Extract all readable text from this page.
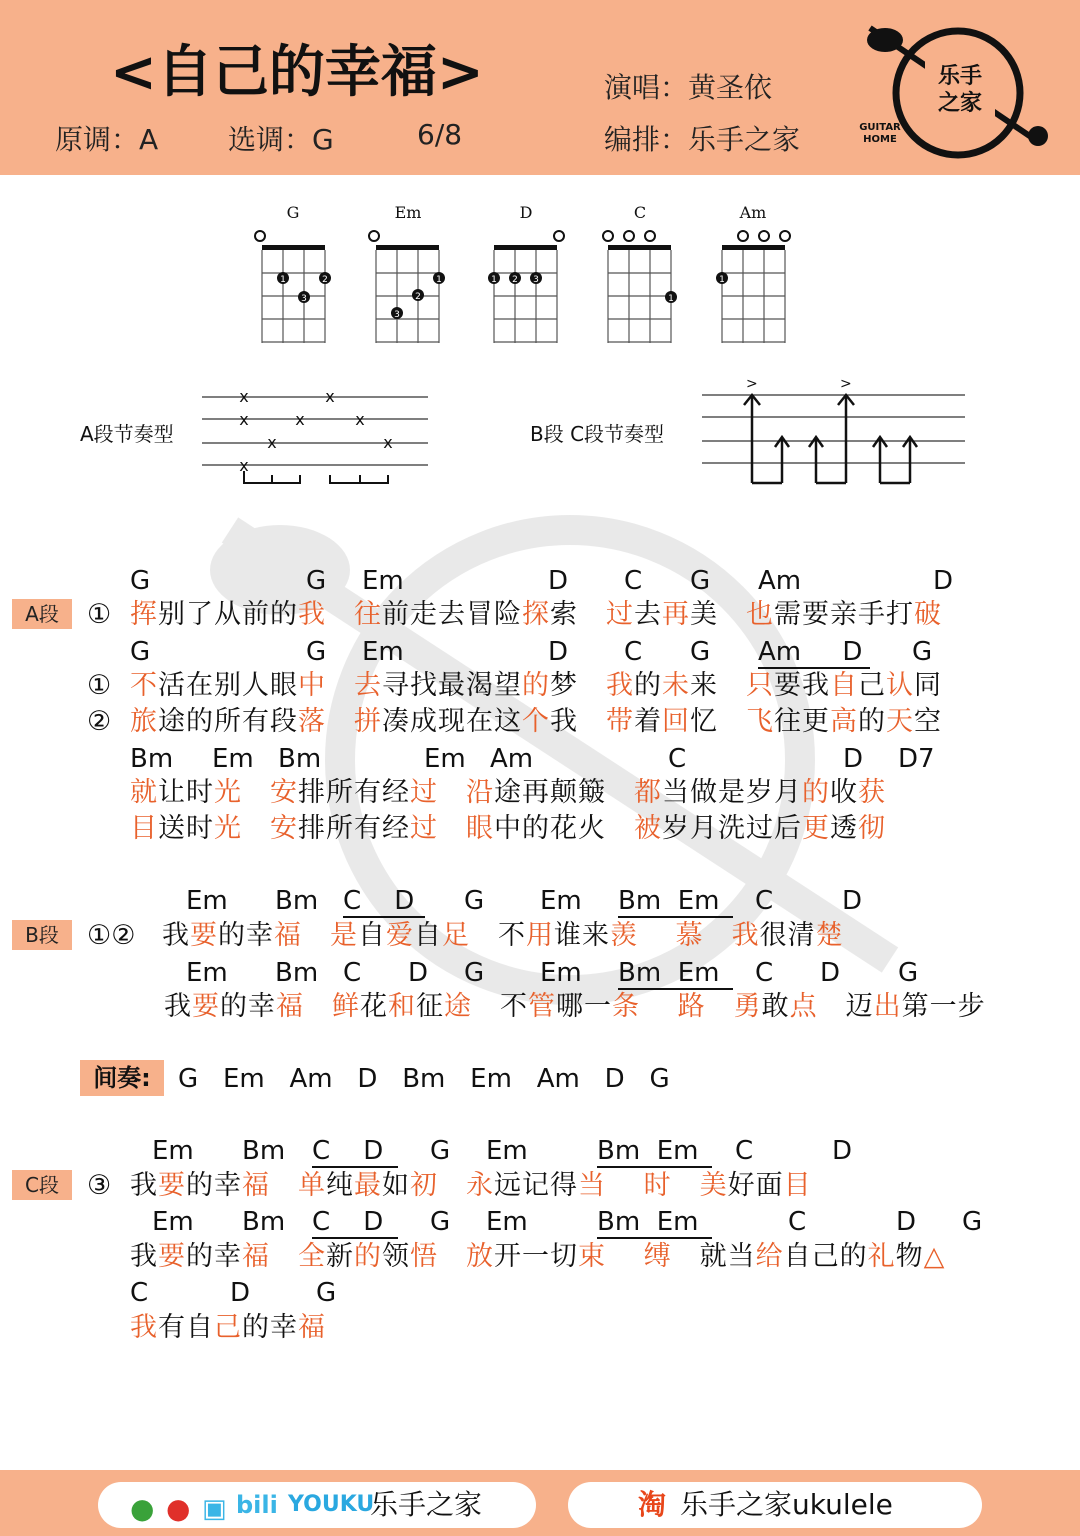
<自己的幸福>
原调：A 选调：G	6/8
演唱：黄圣依
编排：乐手之家
乐手
之家
GUITAR
HOME
G	Em	D	C	Am
1	2
3
1
2
3
1 2 3
1
1
A段节奏型
x	x
x	x	x
x	x
x
B段 C段节奏型
>	>
A段
G	G Em	D C G Am	D
① 挥别了从前的我　 往前走去冒险探索　过去再美　也需要亲手打破
G	G Em	D C G Am     D G
① 不活在别人眼中　 去寻找最渴望的梦　我的未来　只要我自己认同
② 旅途的所有段落　 拼凑成现在这个我　带着回忆　飞往更高的天空
Bm Em Bm	Em Am	C	D D7
就让时光　 安排所有经过　 沿途再颠簸　都当做是岁月的收获
目送时光　 安排所有经过　 眼中的花火　被岁月洗过后更透彻
B段
Em Bm C    D	G Em Bm  Em	C	D
①② 我要的幸福　 是自爱自足　不用谁来羡　 慕　 我很清楚
Em Bm C D G Em Bm  Em	C D G
我要的幸福　 鲜花和征途　不管哪一条　 路　 勇敢点　迈出第一步
间奏:	G   Em   Am   D   Bm   Em   Am   D   G
C段
Em Bm C    D	G Em	Bm  Em	C	D
③ 我要的幸福　 单纯最如初　 永远记得当　 时　 美好面目
Em Bm C    D	G Em	Bm  Em	C	D G
我要的幸福　 全新的领悟　 放开一切束　 缚　就当给自己的礼物△
C	D	G
我有自己的幸福
● ● ▣ bili YOUKU
乐手之家	淘 乐手之家ukulele
